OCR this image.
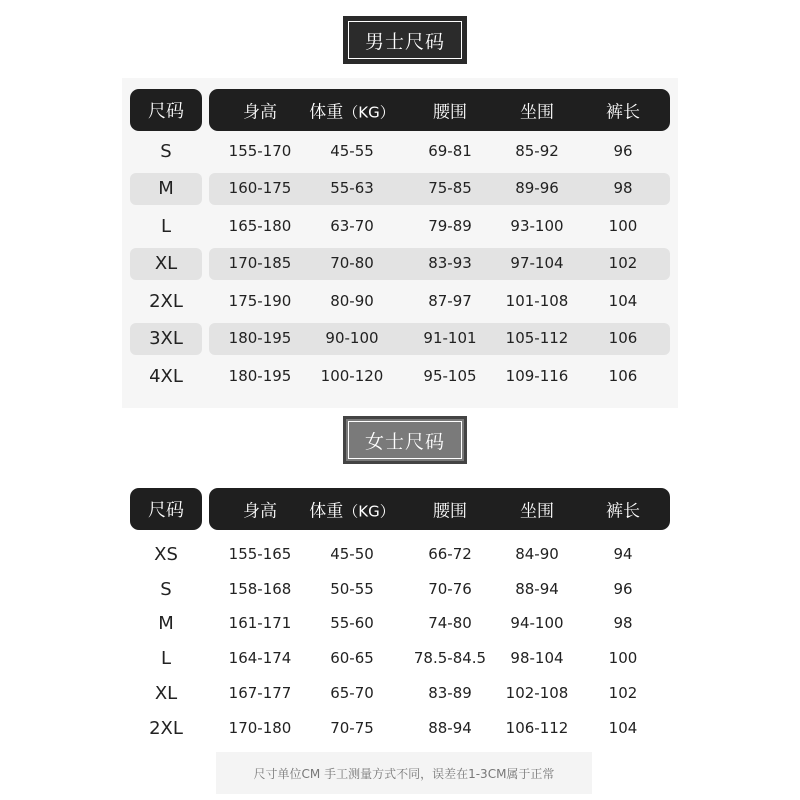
男士尺码
尺码	身高 体重（KG） 腰围	坐围	裤长
S	155-170	45-55	69-81	85-92	96
M	160-175	55-63	75-85	89-96	98
L	165-180	63-70	79-89	93-100	100
XL	170-185	70-80	83-93	97-104	102
2XL	175-190	80-90	87-97 101-108	104
3XL	180-195 90-100	91-101 105-112	106
4XL	180-195 100-120	95-105 109-116	106
女士尺码
尺码	身高 体重（KG） 腰围	坐围	裤长
XS	155-165	45-50	66-72	84-90	94
S	158-168	50-55	70-76	88-94	96
M	161-171	55-60	74-80	94-100	98
L	164-174	60-65	78.5-84.5 98-104	100
XL	167-177	65-70	83-89 102-108	102
2XL	170-180	70-75	88-94 106-112	104
尺寸单位CM 手工测量方式不同，误差在1-3CM属于正常
